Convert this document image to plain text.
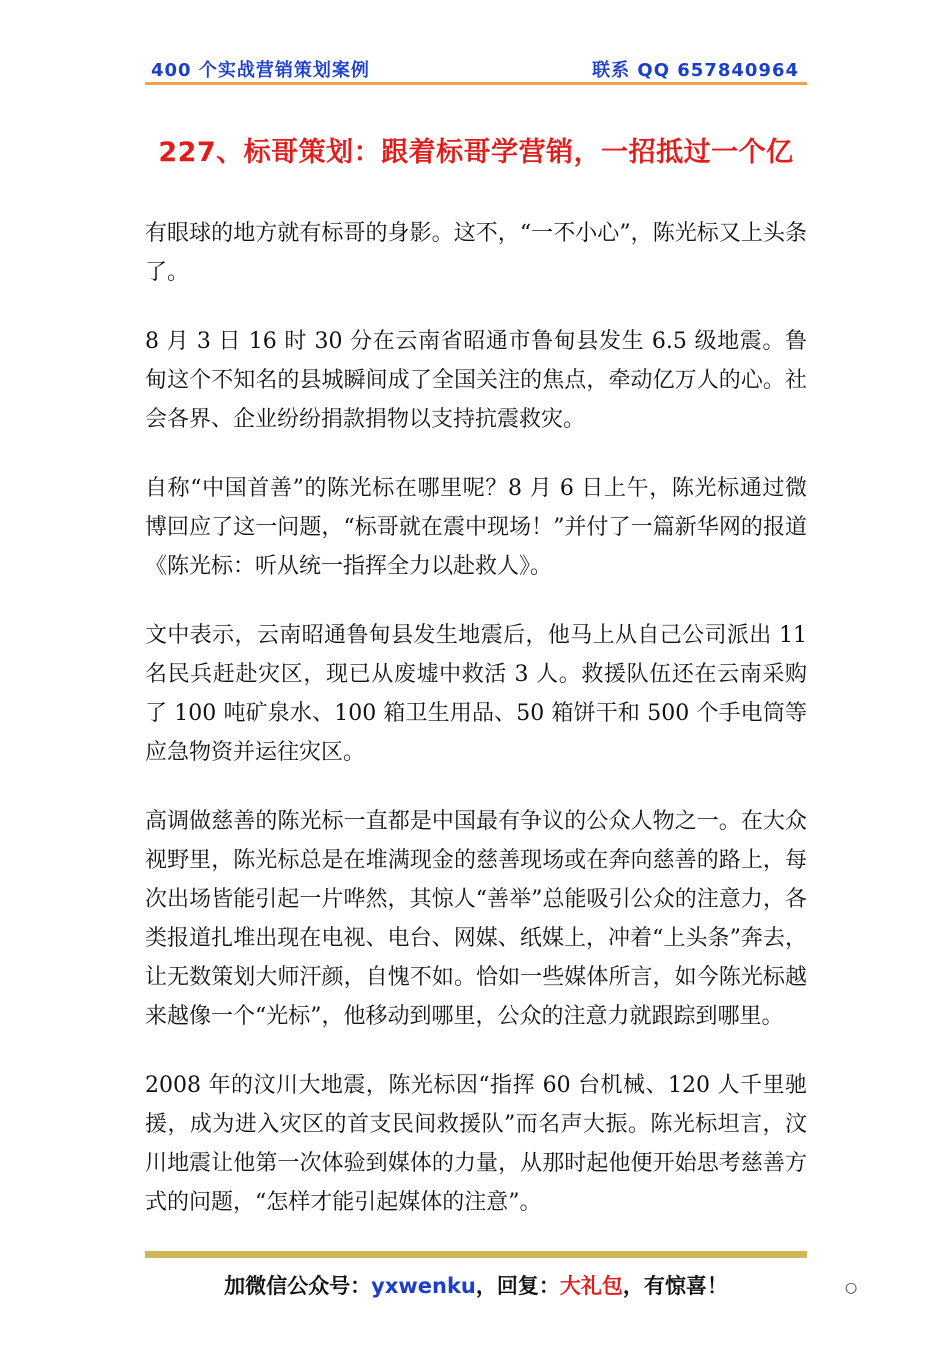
400 个实战营销策划案例	联系 QQ 657840964
227、标哥策划：跟着标哥学营销，一招抵过一个亿

有眼球的地方就有标哥的身影。这不，“一不小心”，陈光标又上头条了。

8 月 3 日 16 时 30 分在云南省昭通市鲁甸县发生 6.5 级地震。鲁甸这个不知名的县城瞬间成了全国关注的焦点，牵动亿万人的心。社会各界、企业纷纷捐款捐物以支持抗震救灾。

自称“中国首善”的陈光标在哪里呢？8 月 6 日上午，陈光标通过微博回应了这一问题，“标哥就在震中现场！”并付了一篇新华网的报道《陈光标：听从统一指挥全力以赴救人》。

文中表示，云南昭通鲁甸县发生地震后，他马上从自己公司派出 11 名民兵赶赴灾区，现已从废墟中救活 3 人。救援队伍还在云南采购了 100 吨矿泉水、100 箱卫生用品、50 箱饼干和 500 个手电筒等应急物资并运往灾区。

高调做慈善的陈光标一直都是中国最有争议的公众人物之一。在大众视野里，陈光标总是在堆满现金的慈善现场或在奔向慈善的路上，每次出场皆能引起一片哗然，其惊人“善举”总能吸引公众的注意力，各类报道扎堆出现在电视、电台、网媒、纸媒上，冲着“上头条”奔去，让无数策划大师汗颜，自愧不如。恰如一些媒体所言，如今陈光标越来越像一个“光标”，他移动到哪里，公众的注意力就跟踪到哪里。

2008 年的汶川大地震，陈光标因“指挥 60 台机械、120 人千里驰援，成为进入灾区的首支民间救援队”而名声大振。陈光标坦言，汶川地震让他第一次体验到媒体的力量，从那时起他便开始思考慈善方式的问题，“怎样才能引起媒体的注意”。

加微信公众号：yxwenku，回复：大礼包，有惊喜！	○
